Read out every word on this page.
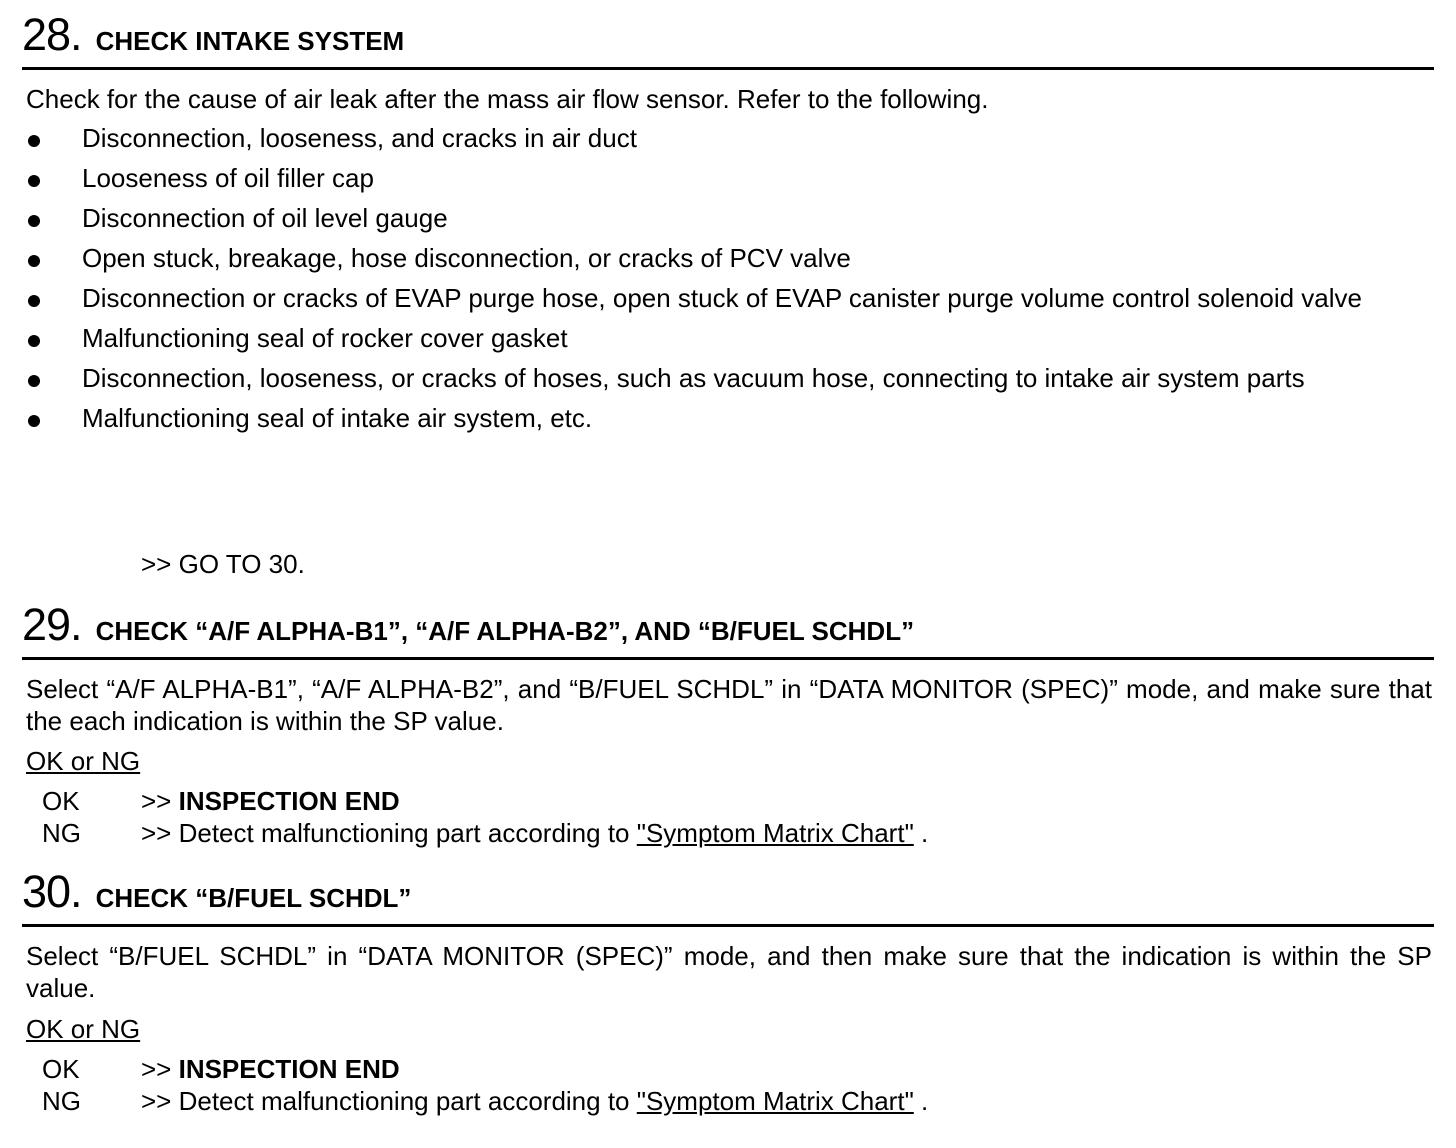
28. CHECK INTAKE SYSTEM

Check for the cause of air leak after the mass air flow sensor. Refer to the following.

Disconnection, looseness, and cracks in air duct
Looseness of oil filler cap
Disconnection of oil level gauge
Open stuck, breakage, hose disconnection, or cracks of PCV valve
Disconnection or cracks of EVAP purge hose, open stuck of EVAP canister purge volume control solenoid valve
Malfunctioning seal of rocker cover gasket
Disconnection, looseness, or cracks of hoses, such as vacuum hose, connecting to intake air system parts
Malfunctioning seal of intake air system, etc.
>> GO TO 30.
29. CHECK “A/F ALPHA-B1”, “A/F ALPHA-B2”, AND “B/FUEL SCHDL”

Select “A/F ALPHA-B1”, “A/F ALPHA-B2”, and “B/FUEL SCHDL” in “DATA MONITOR (SPEC)” mode, and make sure that the each indication is within the SP value.

OK or NG
OK	>> INSPECTION END
NG	>> Detect malfunctioning part according to "Symptom Matrix Chart" .
30. CHECK “B/FUEL SCHDL”

Select “B/FUEL SCHDL” in “DATA MONITOR (SPEC)” mode, and then make sure that the indication is within the SP value.

OK or NG
OK	>> INSPECTION END
NG	>> Detect malfunctioning part according to "Symptom Matrix Chart" .
